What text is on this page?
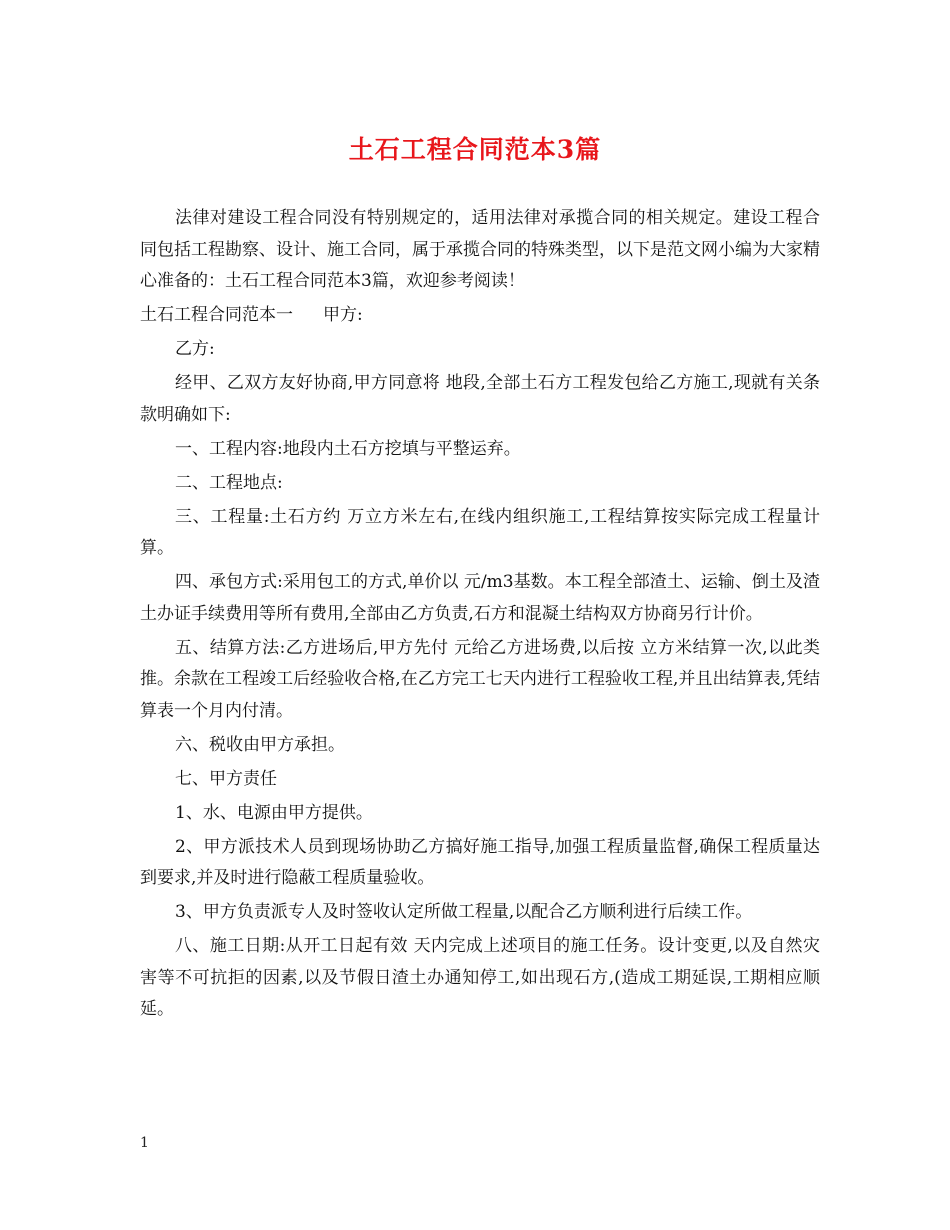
土石工程合同范本3篇

法律对建设工程合同没有特别规定的，适用法律对承揽合同的相关规定。建设工程合同包括工程勘察、设计、施工合同，属于承揽合同的特殊类型，以下是范文网小编为大家精心准备的：土石工程合同范本3篇，欢迎参考阅读！

土石工程合同范本一 甲方:

乙方:

经甲、乙双方友好协商,甲方同意将 地段,全部土石方工程发包给乙方施工,现就有关条款明确如下:

一、工程内容:地段内土石方挖填与平整运弃。

二、工程地点:

三、工程量:土石方约 万立方米左右,在线内组织施工,工程结算按实际完成工程量计算。

四、承包方式:采用包工的方式,单价以 元/m3基数。本工程全部渣土、运输、倒土及渣土办证手续费用等所有费用,全部由乙方负责,石方和混凝土结构双方协商另行计价。

五、结算方法:乙方进场后,甲方先付 元给乙方进场费,以后按 立方米结算一次,以此类推。余款在工程竣工后经验收合格,在乙方完工七天内进行工程验收工程,并且出结算表,凭结算表一个月内付清。

六、税收由甲方承担。

七、甲方责任

1、水、电源由甲方提供。

2、甲方派技术人员到现场协助乙方搞好施工指导,加强工程质量监督,确保工程质量达到要求,并及时进行隐蔽工程质量验收。

3、甲方负责派专人及时签收认定所做工程量,以配合乙方顺利进行后续工作。

八、施工日期:从开工日起有效 天内完成上述项目的施工任务。设计变更,以及自然灾害等不可抗拒的因素,以及节假日渣土办通知停工,如出现石方,(造成工期延误,工期相应顺延。

1
